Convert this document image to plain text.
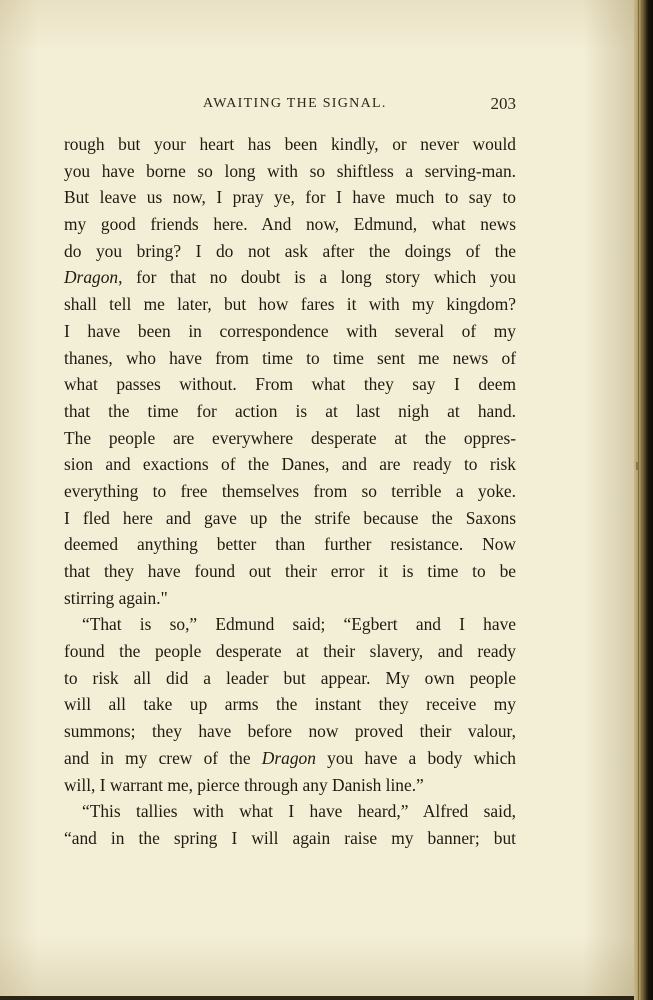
AWAITING THE SIGNAL.	203
rough but your heart has been kindly, or never would
you have borne so long with so shiftless a serving-man.
But leave us now, I pray ye, for I have much to say to
my good friends here. And now, Edmund, what news
do you bring? I do not ask after the doings of the
Dragon, for that no doubt is a long story which you
shall tell me later, but how fares it with my kingdom?
I have been in correspondence with several of my
thanes, who have from time to time sent me news of
what passes without. From what they say I deem
that the time for action is at last nigh at hand.
The people are everywhere desperate at the oppres-
sion and exactions of the Danes, and are ready to risk
everything to free themselves from so terrible a yoke.
I fled here and gave up the strife because the Saxons
deemed anything better than further resistance. Now
that they have found out their error it is time to be
stirring again."
“That is so,” Edmund said; “Egbert and I have
found the people desperate at their slavery, and ready
to risk all did a leader but appear. My own people
will all take up arms the instant they receive my
summons; they have before now proved their valour,
and in my crew of the Dragon you have a body which
will, I warrant me, pierce through any Danish line.”
“This tallies with what I have heard,” Alfred said,
“and in the spring I will again raise my banner; but
